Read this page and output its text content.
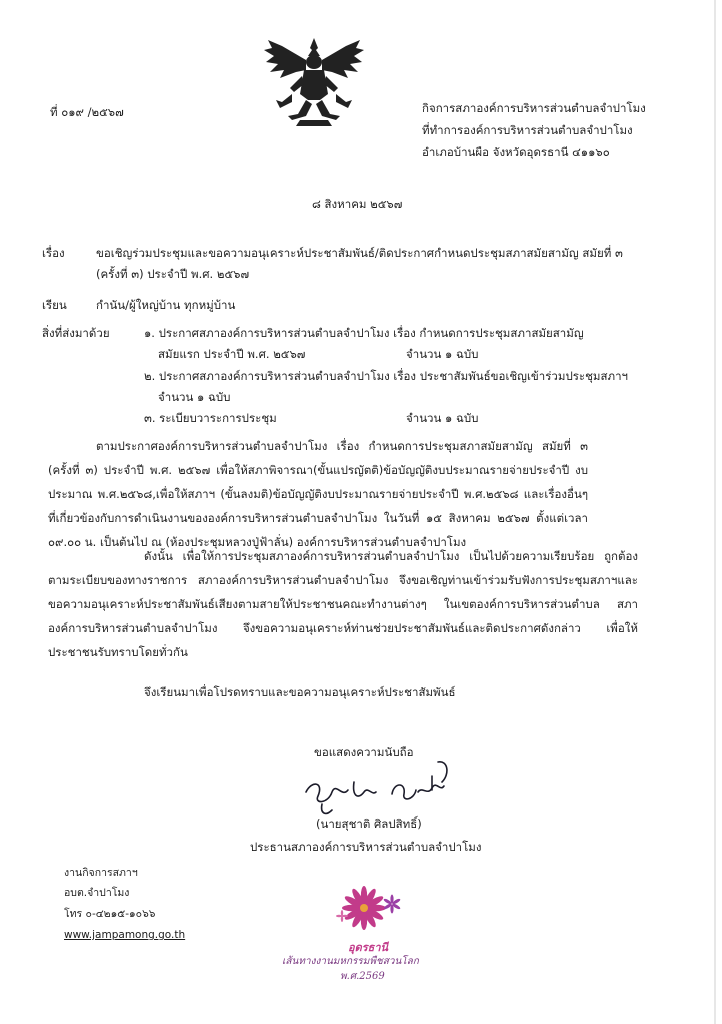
ที่ ๐๑๙ /๒๕๖๗	กิจการสภาองค์การบริหารส่วนตำบลจำปาโมง
ที่ทำการองค์การบริหารส่วนตำบลจำปาโมง
อำเภอบ้านผือ จังหวัดอุดรธานี ๔๑๑๖๐
๘ สิงหาคม ๒๕๖๗
เรื่อง	ขอเชิญร่วมประชุมและขอความอนุเคราะห์ประชาสัมพันธ์/ติดประกาศกำหนดประชุมสภาสมัยสามัญ สมัยที่ ๓
(ครั้งที่ ๓) ประจำปี พ.ศ. ๒๕๖๗
เรียน	กำนัน/ผู้ใหญ่บ้าน ทุกหมู่บ้าน
สิ่งที่ส่งมาด้วย	๑. ประกาศสภาองค์การบริหารส่วนตำบลจำปาโมง เรื่อง กำหนดการประชุมสภาสมัยสามัญ
สมัยแรก ประจำปี พ.ศ. ๒๕๖๗	จำนวน ๑ ฉบับ
๒. ประกาศสภาองค์การบริหารส่วนตำบลจำปาโมง เรื่อง ประชาสัมพันธ์ขอเชิญเข้าร่วมประชุมสภาฯ
จำนวน ๑ ฉบับ
๓. ระเบียบวาระการประชุม	จำนวน ๑ ฉบับ
ตามประกาศองค์การบริหารส่วนตำบลจำปาโมง เรื่อง กำหนดการประชุมสภาสมัยสามัญ สมัยที่ ๓ (ครั้งที่ ๓) ประจำปี พ.ศ. ๒๕๖๗ เพื่อให้สภาพิจารณา(ขั้นแปรญัตติ)ข้อบัญญัติงบประมาณรายจ่ายประจำปี งบประมาณ พ.ศ.๒๕๖๘,เพื่อให้สภาฯ (ขั้นลงมติ)ข้อบัญญัติงบประมาณรายจ่ายประจำปี พ.ศ.๒๕๖๘ และเรื่องอื่นๆ ที่เกี่ยวข้องกับการดำเนินงานขององค์การบริหารส่วนตำบลจำปาโมง ในวันที่ ๑๕ สิงหาคม ๒๕๖๗ ตั้งแต่เวลา ๐๙.๐๐ น. เป็นต้นไป ณ (ห้องประชุมหลวงปู่ฟ้าลั่น) องค์การบริหารส่วนตำบลจำปาโมง
ดังนั้น เพื่อให้การประชุมสภาองค์การบริหารส่วนตำบลจำปาโมง เป็นไปด้วยความเรียบร้อย ถูกต้องตามระเบียบของทางราชการ สภาองค์การบริหารส่วนตำบลจำปาโมง จึงขอเชิญท่านเข้าร่วมรับฟังการประชุมสภาฯและขอความอนุเคราะห์ประชาสัมพันธ์เสียงตามสายให้ประชาชนคณะทำงานต่างๆ ในเขตองค์การบริหารส่วนตำบล สภาองค์การบริหารส่วนตำบลจำปาโมง จึงขอความอนุเคราะห์ท่านช่วยประชาสัมพันธ์และติดประกาศดังกล่าว เพื่อให้ประชาชนรับทราบโดยทั่วกัน
จึงเรียนมาเพื่อโปรดทราบและขอความอนุเคราะห์ประชาสัมพันธ์
ขอแสดงความนับถือ
(นายสุชาติ ศิลปสิทธิ์)
ประธานสภาองค์การบริหารส่วนตำบลจำปาโมง
งานกิจการสภาฯ
อบต.จำปาโมง
โทร ๐-๔๒๑๕-๑๐๖๖
www.jampamong.go.th
อุดรธานี
เส้นทางงานมหกรรมพืชสวนโลก
พ.ศ.2569
